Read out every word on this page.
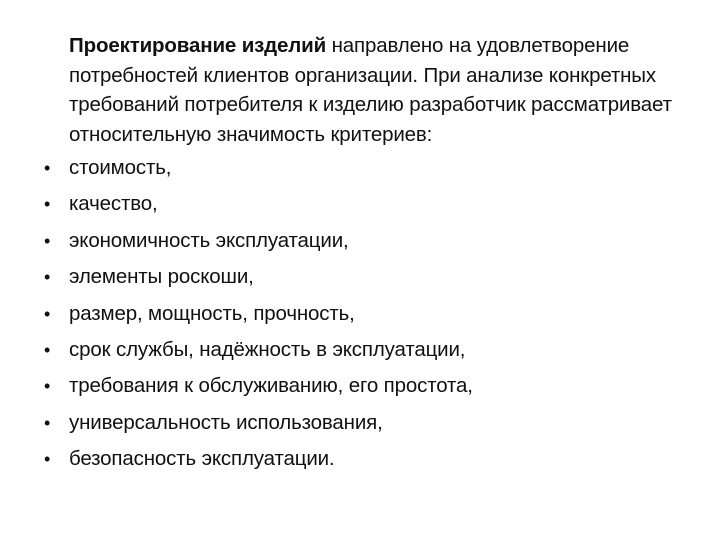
Проектирование изделий направлено на удовлетворение потребностей клиентов организации. При анализе конкретных требований потребителя к изделию разработчик рассматривает относительную значимость критериев:

• стоимость,
• качество,
• экономичность эксплуатации,
• элементы роскоши,
• размер, мощность, прочность,
• срок службы, надёжность в эксплуатации,
• требования к обслуживанию, его простота,
• универсальность использования,
• безопасность эксплуатации.
